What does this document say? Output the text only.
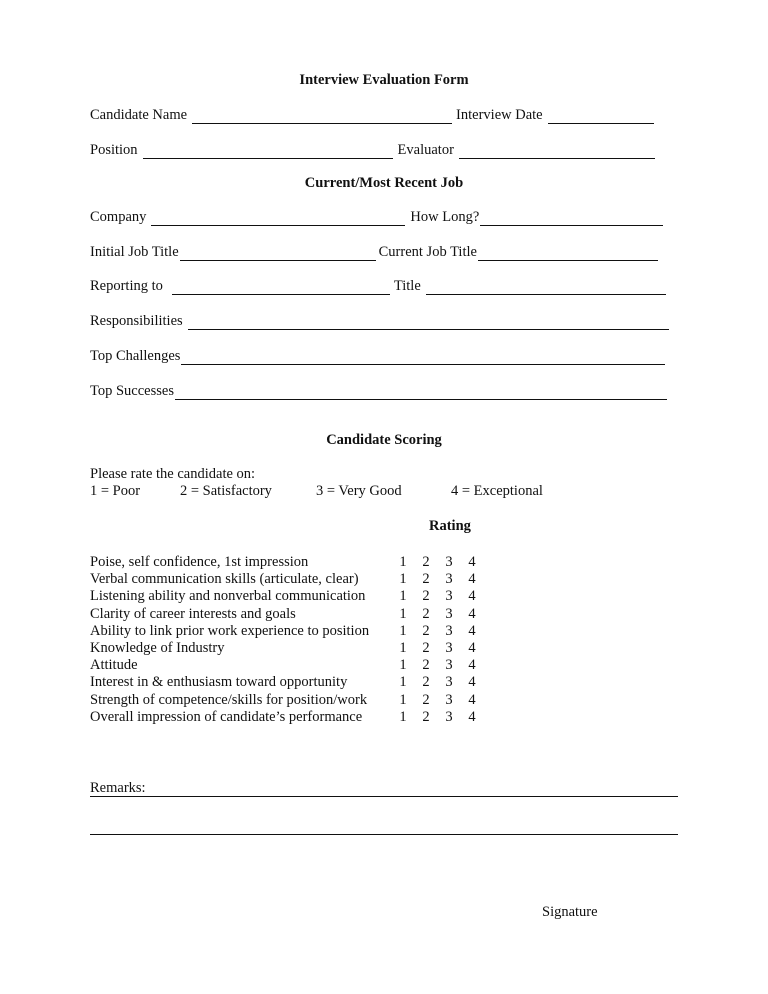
Interview Evaluation Form
Candidate Name	Interview Date
Position	Evaluator
Current/Most Recent Job
Company	How Long?
Initial Job Title	Current Job Title
Reporting to	Title
Responsibilities
Top Challenges
Top Successes
Candidate Scoring
Please rate the candidate on:
1 = Poor	2 = Satisfactory	3 = Very Good	4 = Exceptional
Rating
Poise, self confidence, 1st impression	1 2 3 4
Verbal communication skills (articulate, clear)	1 2 3 4
Listening ability and nonverbal communication 1 2 3 4
Clarity of career interests and goals	1 2 3 4
Ability to link prior work experience to position 1 2 3 4
Knowledge of Industry	1 2 3 4
Attitude	1 2 3 4
Interest in & enthusiasm toward opportunity	1 2 3 4
Strength of competence/skills for position/work 1 2 3 4
Overall impression of candidate’s performance	1 2 3 4
Remarks:
Signature
